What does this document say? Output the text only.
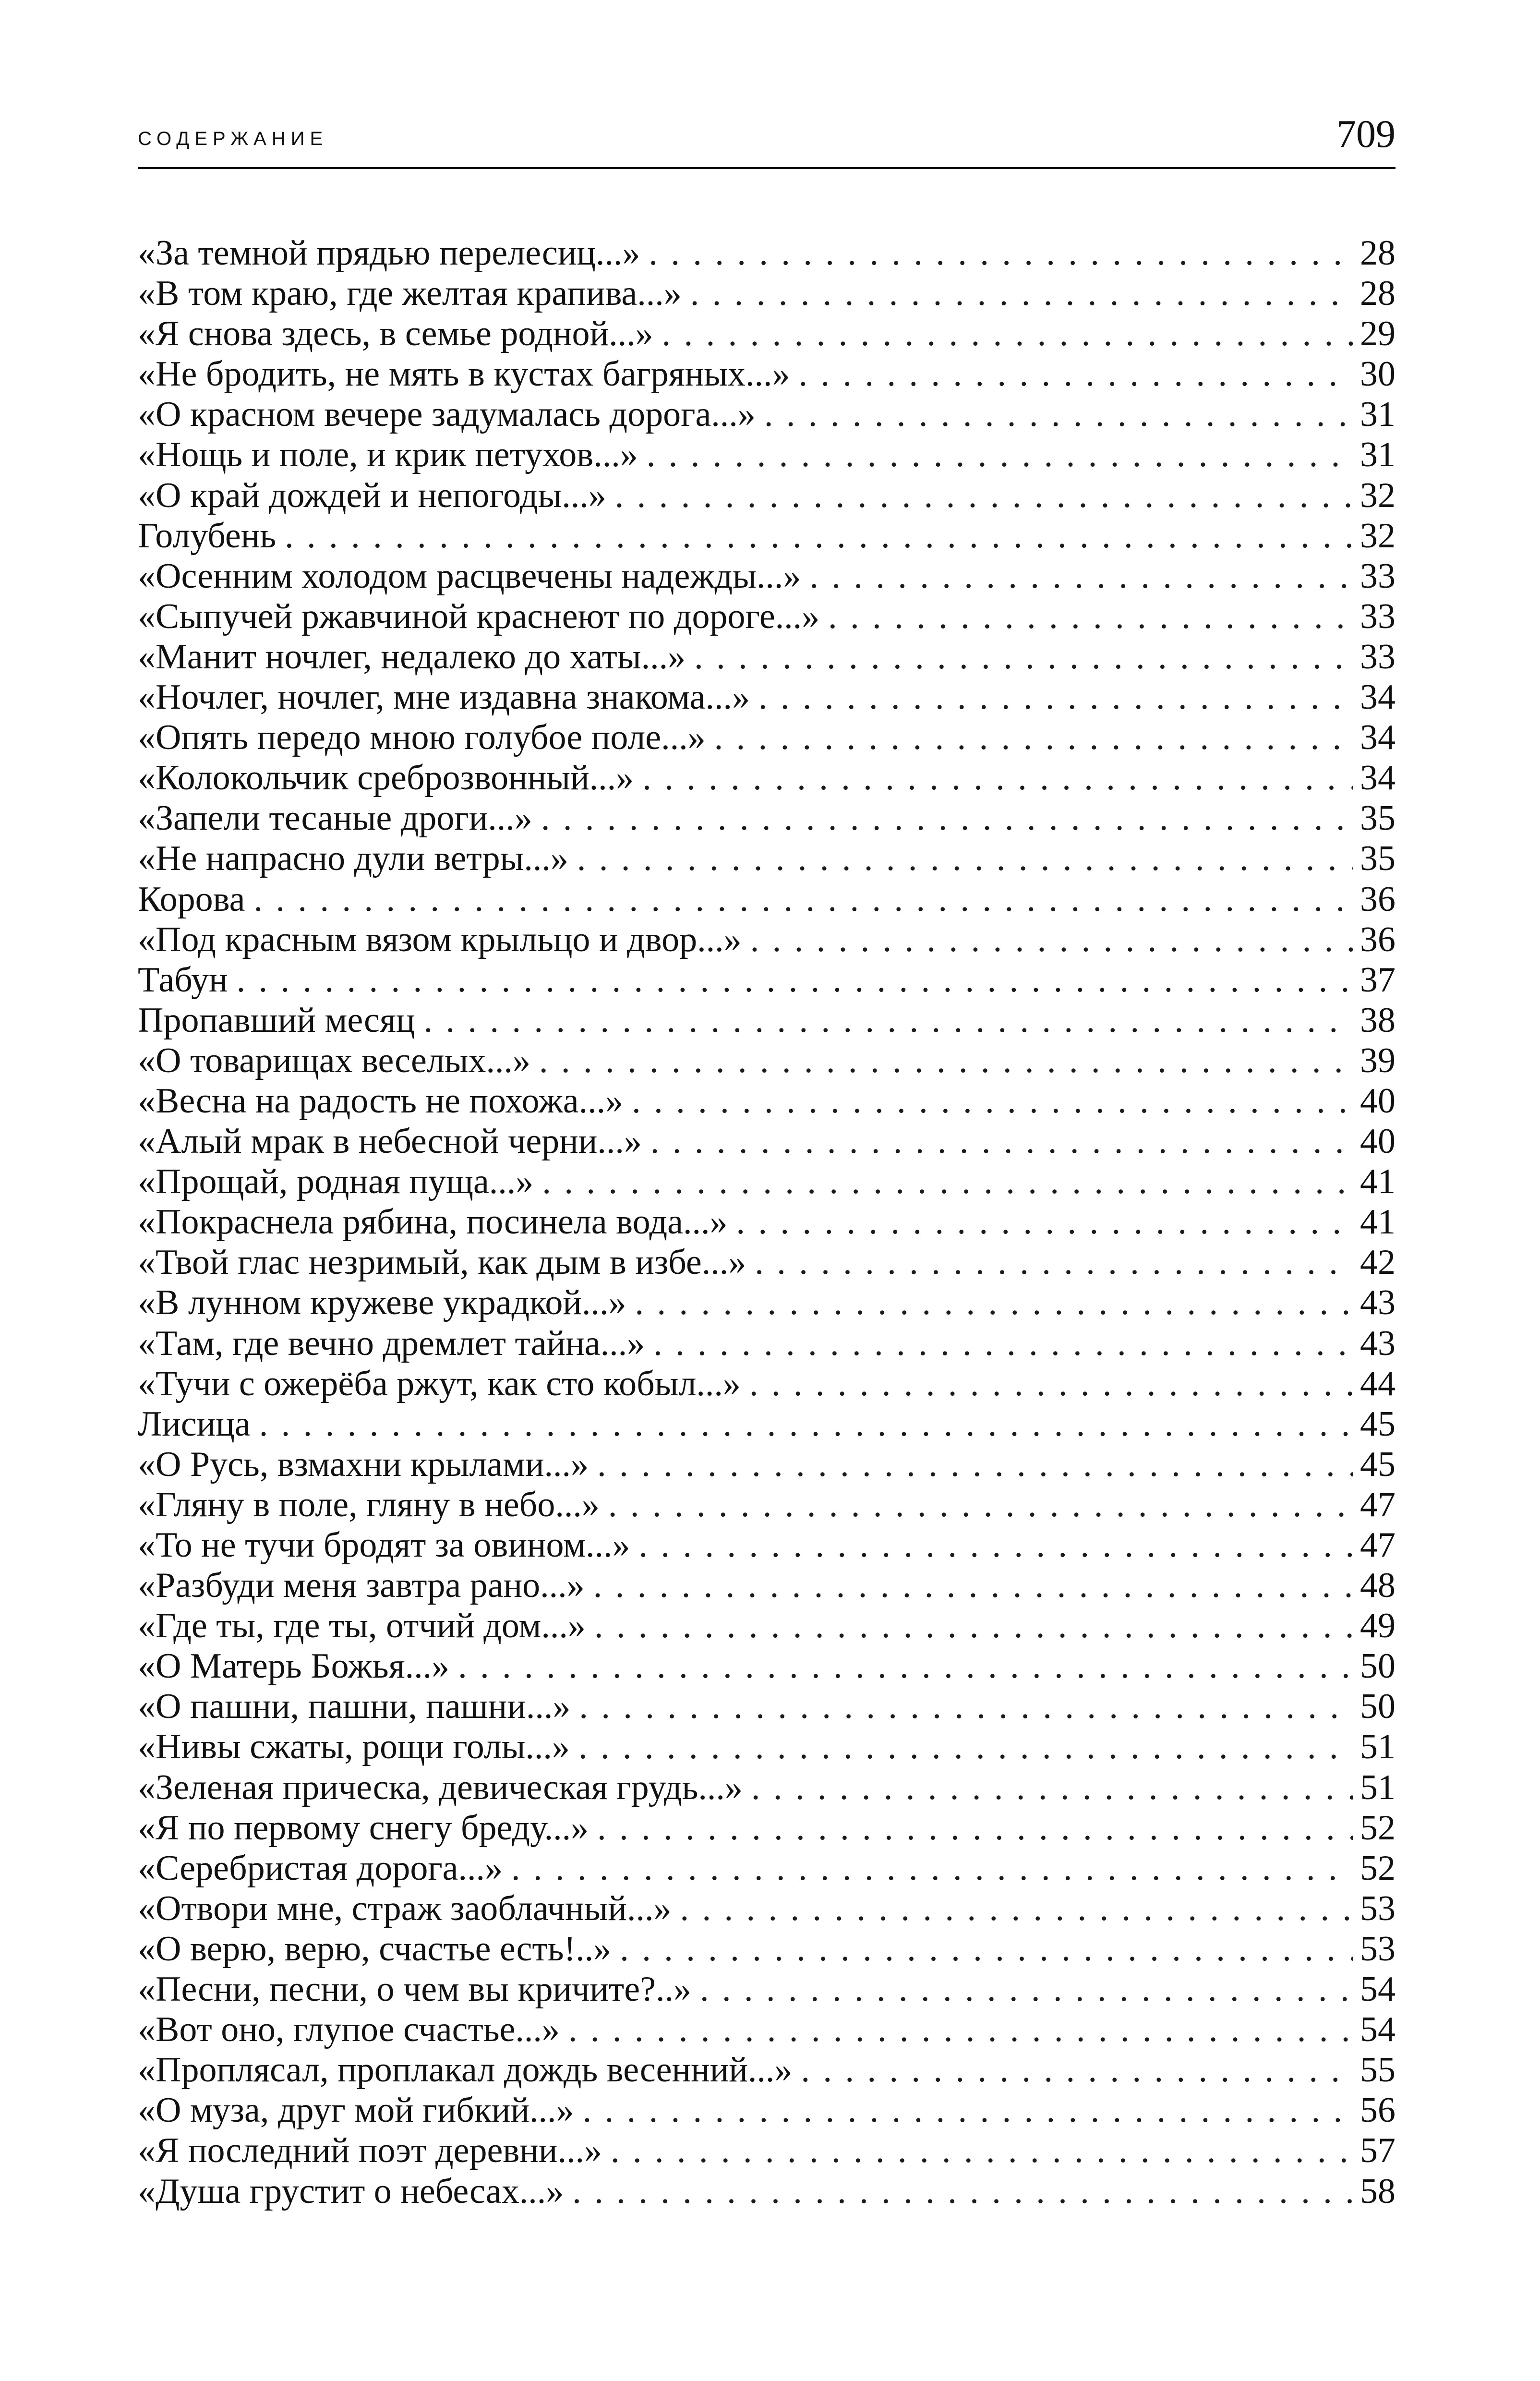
СОДЕРЖАНИЕ	709
«За темной прядью перелесиц...» . . .	28
«В том краю, где желтая крапива...» . . .	28
«Я снова здесь, в семье родной...» . . .	29
«Не бродить, не мять в кустах багряных...» . . .	30
«О красном вечере задумалась дорога...» . . .	31
«Нощь и поле, и крик петухов...» . . .	31
«О край дождей и непогоды...» . . .	32
Голубень . . .	32
«Осенним холодом расцвечены надежды...» . . .	33
«Сыпучей ржавчиной краснеют по дороге...» . . .	33
«Манит ночлег, недалеко до хаты...» . . .	33
«Ночлег, ночлег, мне издавна знакома...» . . .	34
«Опять передо мною голубое поле...» . . .	34
«Колокольчик среброзвонный...» . . .	34
«Запели тесаные дроги...» . . .	35
«Не напрасно дули ветры...» . . .	35
Корова . . .	36
«Под красным вязом крыльцо и двор...» . . .	36
Табун . . .	37
Пропавший месяц . . .	38
«О товарищах веселых...» . . .	39
«Весна на радость не похожа...» . . .	40
«Алый мрак в небесной черни...» . . .	40
«Прощай, родная пуща...» . . .	41
«Покраснела рябина, посинела вода...» . . .	41
«Твой глас незримый, как дым в избе...» . . .	42
«В лунном кружеве украдкой...» . . .	43
«Там, где вечно дремлет тайна...» . . .	43
«Тучи с ожерёба ржут, как сто кобыл...» . . .	44
Лисица . . .	45
«О Русь, взмахни крылами...» . . .	45
«Гляну в поле, гляну в небо...» . . .	47
«То не тучи бродят за овином...» . . .	47
«Разбуди меня завтра рано...» . . .	48
«Где ты, где ты, отчий дом...» . . .	49
«О Матерь Божья...» . . .	50
«О пашни, пашни, пашни...» . . .	50
«Нивы сжаты, рощи голы...» . . .	51
«Зеленая прическа, девическая грудь...» . . .	51
«Я по первому снегу бреду...» . . .	52
«Серебристая дорога...» . . .	52
«Отвори мне, страж заоблачный...» . . .	53
«О верю, верю, счастье есть!..» . . .	53
«Песни, песни, о чем вы кричите?..» . . .	54
«Вот оно, глупое счастье...» . . .	54
«Проплясал, проплакал дождь весенний...» . . .	55
«О муза, друг мой гибкий...» . . .	56
«Я последний поэт деревни...» . . .	57
«Душа грустит о небесах...» . . .	58
